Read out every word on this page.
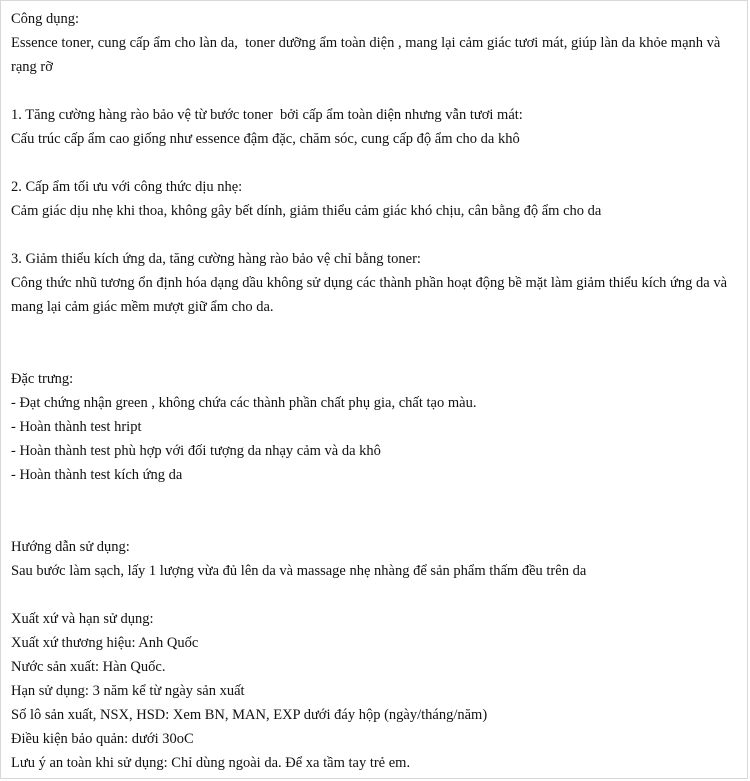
Công dụng:

Essence toner, cung cấp ẩm cho làn da,  toner dưỡng ẩm toàn diện , mang lại cảm giác tươi mát, giúp làn da khỏe mạnh và rạng rỡ

1. Tăng cường hàng rào bảo vệ từ bước toner  bởi cấp ẩm toàn diện nhưng vẫn tươi mát:

Cấu trúc cấp ẩm cao giống như essence đậm đặc, chăm sóc, cung cấp độ ẩm cho da khô

2. Cấp ẩm tối ưu với công thức dịu nhẹ:

Cảm giác dịu nhẹ khi thoa, không gây bết dính, giảm thiểu cảm giác khó chịu, cân bằng độ ẩm cho da

3. Giảm thiểu kích ứng da, tăng cường hàng rào bảo vệ chỉ bằng toner:

Công thức nhũ tương ổn định hóa dạng dầu không sử dụng các thành phần hoạt động bề mặt làm giảm thiểu kích ứng da và mang lại cảm giác mềm mượt giữ ẩm cho da.

Đặc trưng:

- Đạt chứng nhận green , không chứa các thành phần chất phụ gia, chất tạo màu.

- Hoàn thành test hript

- Hoàn thành test phù hợp với đối tượng da nhạy cảm và da khô

- Hoàn thành test kích ứng da

Hướng dẫn sử dụng:

Sau bước làm sạch, lấy 1 lượng vừa đủ lên da và massage nhẹ nhàng để sản phẩm thấm đều trên da

Xuất xứ và hạn sử dụng:

Xuất xứ thương hiệu: Anh Quốc

Nước sản xuất: Hàn Quốc.

Hạn sử dụng: 3 năm kể từ ngày sản xuất

Số lô sản xuất, NSX, HSD: Xem BN, MAN, EXP dưới đáy hộp (ngày/tháng/năm)

Điều kiện bảo quản: dưới 30oC

Lưu ý an toàn khi sử dụng: Chỉ dùng ngoài da. Để xa tầm tay trẻ em.
